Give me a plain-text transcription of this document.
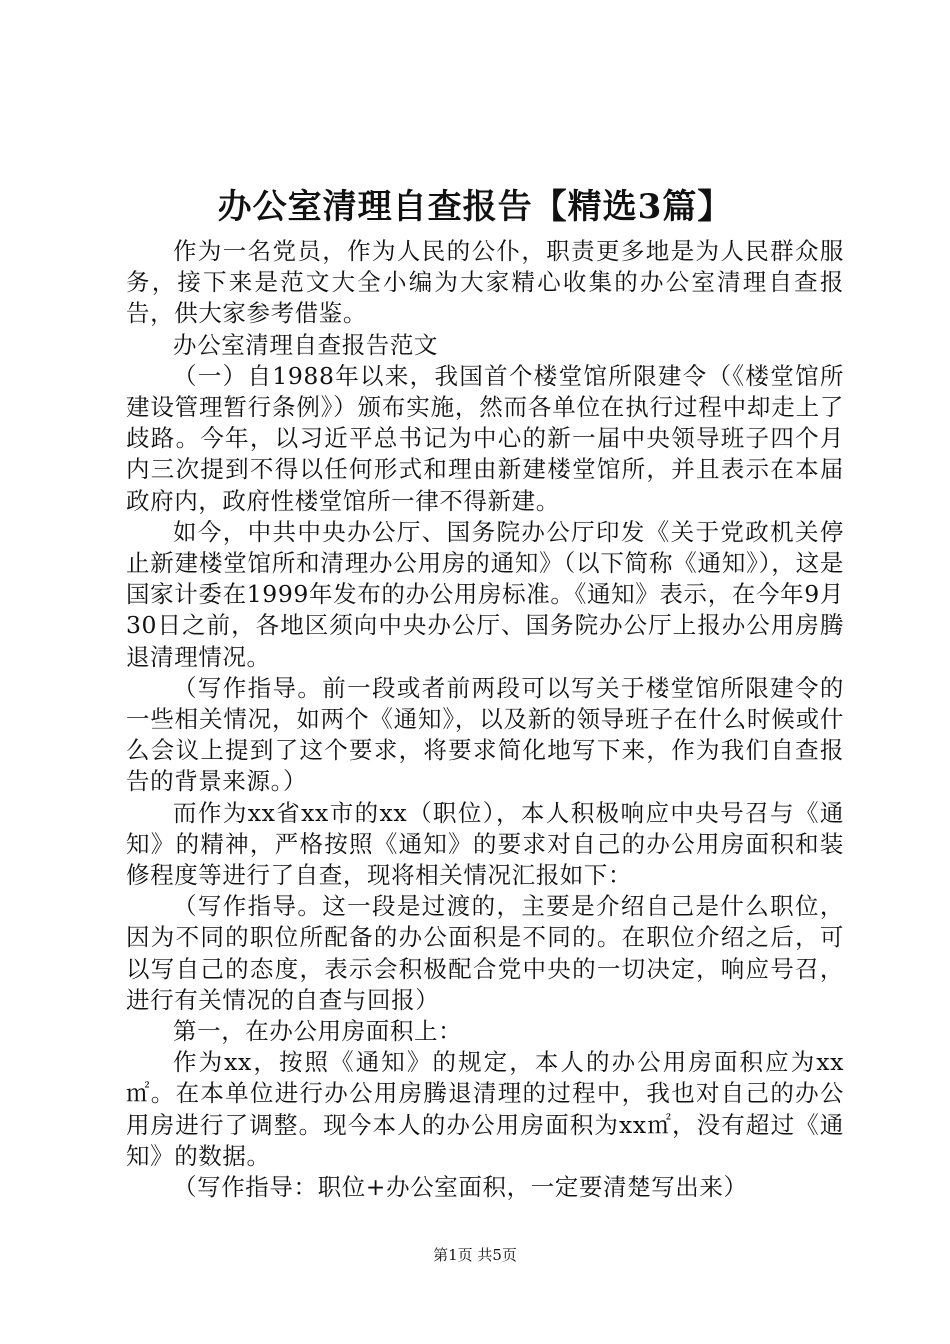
办公室清理自查报告【精选3篇】

作为一名党员，作为人民的公仆，职责更多地是为人民群众服务，接下来是范文大全小编为大家精心收集的办公室清理自查报告，供大家参考借鉴。

办公室清理自查报告范文

（一）自1988年以来，我国首个楼堂馆所限建令（《楼堂馆所建设管理暂行条例》）颁布实施，然而各单位在执行过程中却走上了歧路。今年，以习近平总书记为中心的新一届中央领导班子四个月内三次提到不得以任何形式和理由新建楼堂馆所，并且表示在本届政府内，政府性楼堂馆所一律不得新建。

如今，中共中央办公厅、国务院办公厅印发《关于党政机关停止新建楼堂馆所和清理办公用房的通知》（以下简称《通知》），这是国家计委在1999年发布的办公用房标准。《通知》表示，在今年9月30日之前，各地区须向中央办公厅、国务院办公厅上报办公用房腾退清理情况。

（写作指导。前一段或者前两段可以写关于楼堂馆所限建令的一些相关情况，如两个《通知》，以及新的领导班子在什么时候或什么会议上提到了这个要求，将要求简化地写下来，作为我们自查报告的背景来源。）

而作为xx省xx市的xx（职位），本人积极响应中央号召与《通知》的精神，严格按照《通知》的要求对自己的办公用房面积和装修程度等进行了自查，现将相关情况汇报如下：

（写作指导。这一段是过渡的，主要是介绍自己是什么职位，因为不同的职位所配备的办公面积是不同的。在职位介绍之后，可以写自己的态度，表示会积极配合党中央的一切决定，响应号召，进行有关情况的自查与回报）

第一，在办公用房面积上：

作为xx，按照《通知》的规定，本人的办公用房面积应为xx㎡。在本单位进行办公用房腾退清理的过程中，我也对自己的办公用房进行了调整。现今本人的办公用房面积为xx㎡，没有超过《通知》的数据。

（写作指导：职位+办公室面积，一定要清楚写出来）

第1页 共5页
